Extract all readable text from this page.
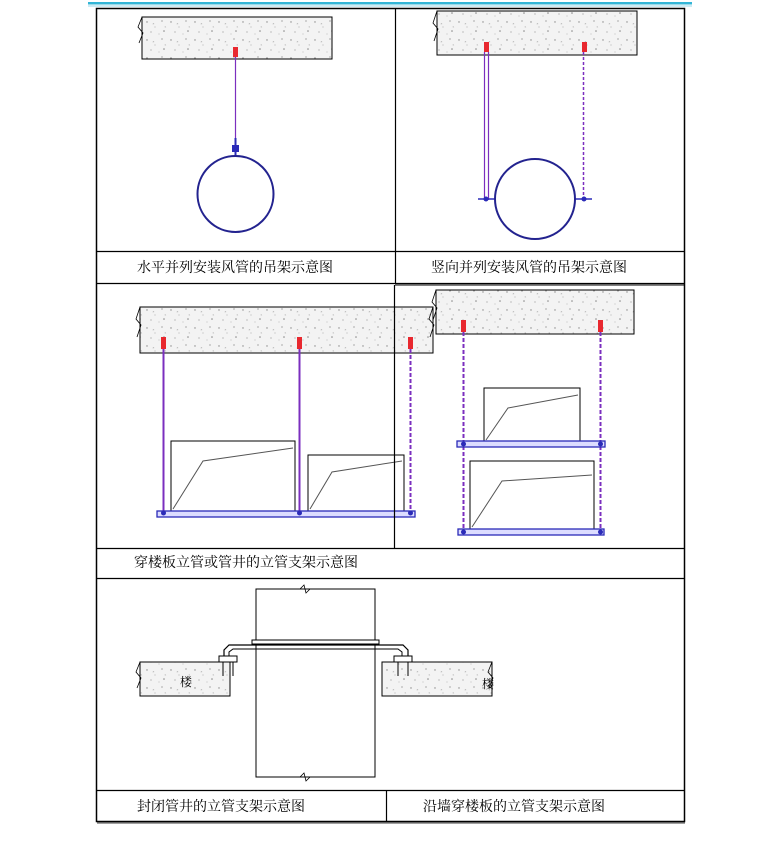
楼	楼
水平并列安装风管的吊架示意图	竖向并列安装风管的吊架示意图
穿楼板立管或管井的立管支架示意图
封闭管井的立管支架示意图	沿墙穿楼板的立管支架示意图
